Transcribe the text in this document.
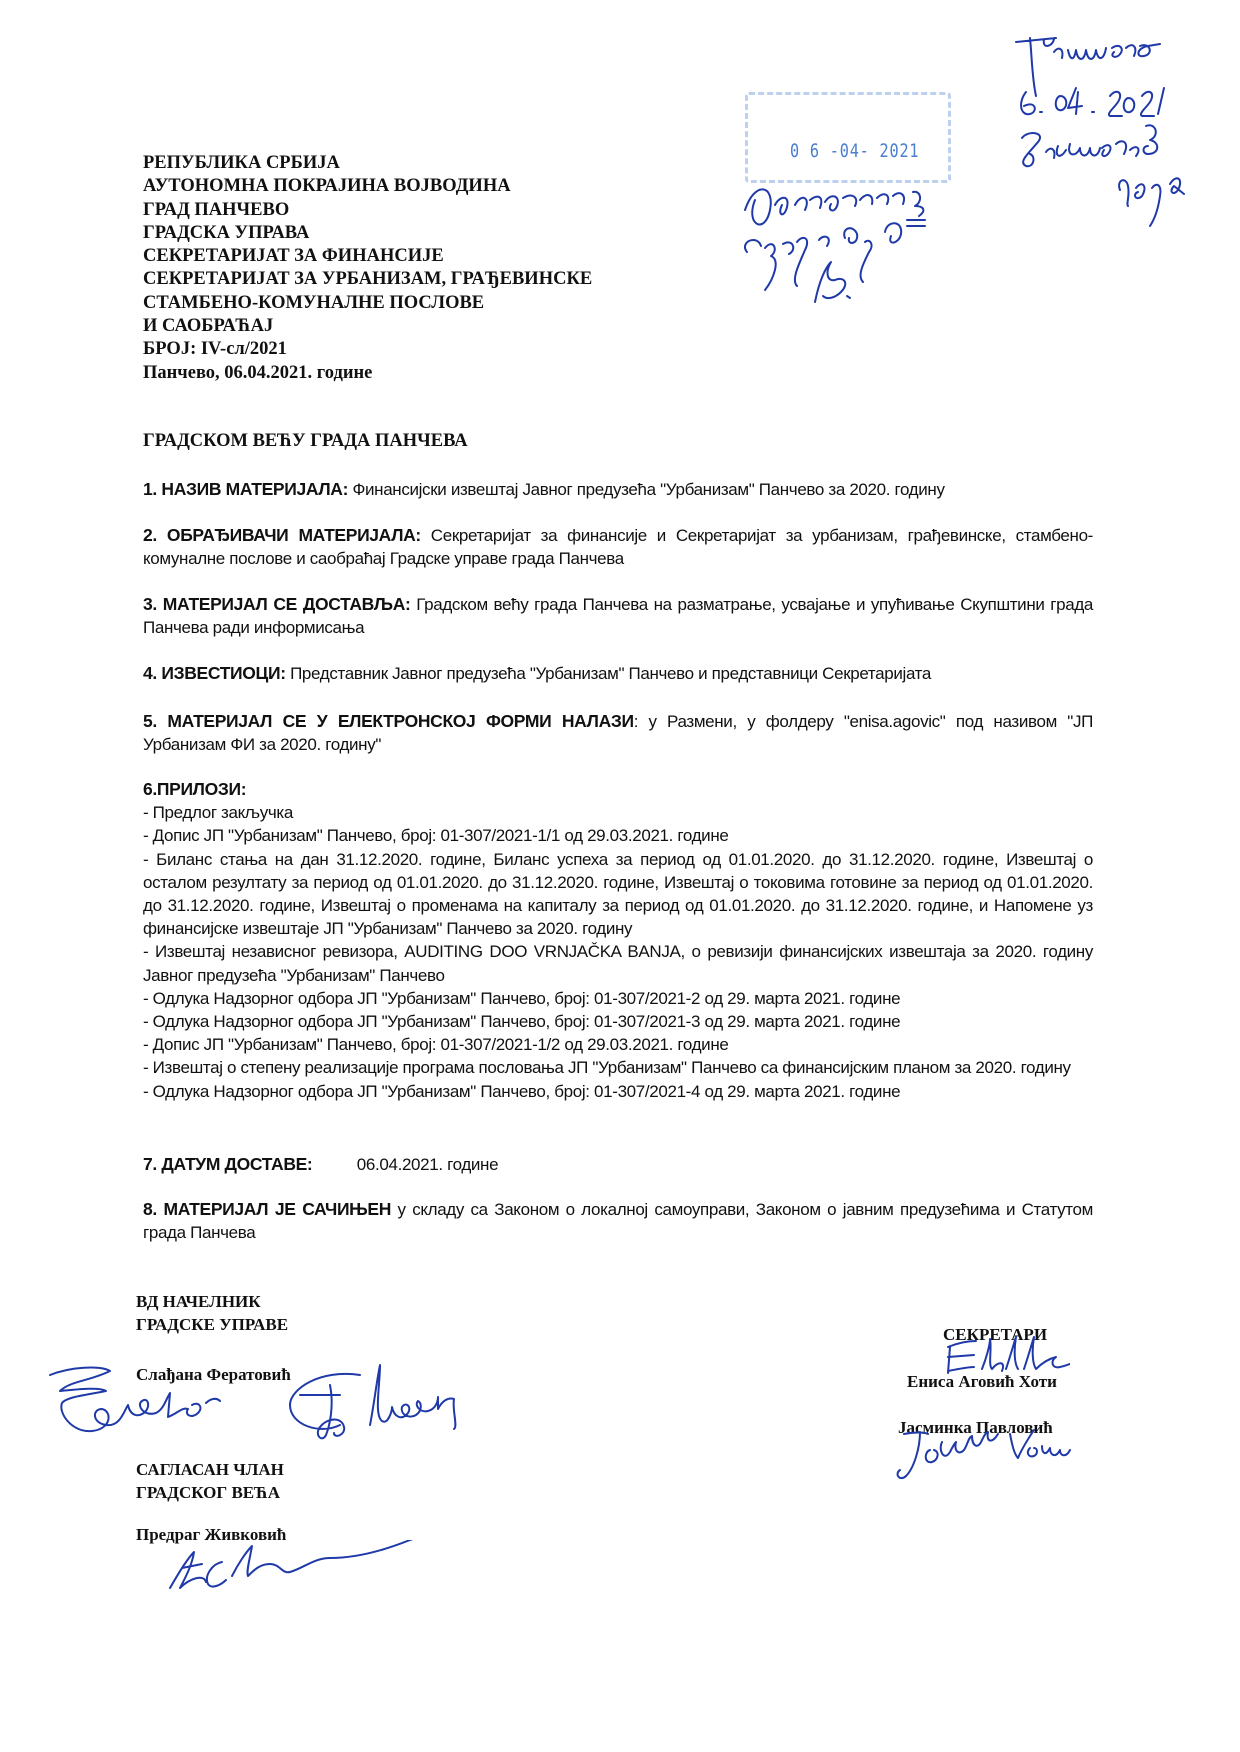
РЕПУБЛИКА СРБИЈА
АУТОНОМНА ПОКРАЈИНА ВОЈВОДИНА
ГРАД ПАНЧЕВО
ГРАДСКА УПРАВА
СЕКРЕТАРИЈАТ ЗА ФИНАНСИЈЕ
СЕКРЕТАРИЈАТ ЗА УРБАНИЗАМ, ГРАЂЕВИНСКЕ
СТАМБЕНО-КОМУНАЛНЕ ПОСЛОВЕ
И САОБРАЋАЈ
БРОЈ: IV-сл/2021
Панчево, 06.04.2021. године
0 6 -04- 2021
ГРАДСКОМ ВЕЋУ ГРАДА ПАНЧЕВА
1. НАЗИВ МАТЕРИЈАЛА: Финансијски извештај Јавног предузећа "Урбанизам" Панчево за 2020. годину
2. ОБРАЂИВАЧИ МАТЕРИЈАЛА: Секретаријат за финансије и Секретаријат за урбанизам, грађевинске, стамбено-комуналне послове и саобраћај Градске управе града Панчева
3. МАТЕРИЈАЛ СЕ ДОСТАВЉА: Градском већу града Панчева на разматрање, усвајање и упућивање Скупштини града Панчева ради информисања
4. ИЗВЕСТИОЦИ: Представник Јавног предузећа "Урбанизам" Панчево и представници Секретаријата
5. МАТЕРИЈАЛ СЕ У ЕЛЕКТРОНСКОЈ ФОРМИ НАЛАЗИ: у Размени, у фолдеру "enisa.agovic" под називом "ЈП Урбанизам ФИ за 2020. годину"
6.ПРИЛОЗИ:
- Предлог закључка
- Допис ЈП "Урбанизам" Панчево, број: 01-307/2021-1/1 од 29.03.2021. године
- Биланс стања на дан 31.12.2020. године, Биланс успеха за период од 01.01.2020. до 31.12.2020. године, Извештај о осталом резултату за период од 01.01.2020. до 31.12.2020. године, Извештај о токовима готовине за период од 01.01.2020. до 31.12.2020. године, Извештај о променама на капиталу за период од 01.01.2020. до 31.12.2020. године, и Напомене уз финансијске извештаје ЈП "Урбанизам" Панчево за 2020. годину
- Извештај независног ревизора, AUDITING DOO VRNJAČKA BANJA, о ревизији финансијских извештаја за 2020. годину Јавног предузећа "Урбанизам" Панчево
- Одлука Надзорног одбора ЈП "Урбанизам" Панчево, број: 01-307/2021-2 од 29. марта 2021. године
- Одлука Надзорног одбора ЈП "Урбанизам" Панчево, број: 01-307/2021-3 од 29. марта 2021. године
- Допис ЈП "Урбанизам" Панчево, број: 01-307/2021-1/2 од 29.03.2021. године
- Извештај о степену реализације програма пословања ЈП "Урбанизам" Панчево са финансијским планом за 2020. годину
- Одлука Надзорног одбора ЈП "Урбанизам" Панчево, број: 01-307/2021-4 од 29. марта 2021. године
7. ДАТУМ ДОСТАВЕ:	06.04.2021. године
8. МАТЕРИЈАЛ ЈЕ САЧИЊЕН у складу са Законом о локалној самоуправи, Законом о јавним предузећима и Статутом града Панчева
ВД НАЧЕЛНИК
ГРАДСКЕ УПРАВЕ
Слађана Фератовић
САГЛАСАН ЧЛАН
ГРАДСКОГ ВЕЋА
Предраг Живковић
СЕКРЕТАРИ
Ениса Аговић Хоти
Јасминка Павловић
